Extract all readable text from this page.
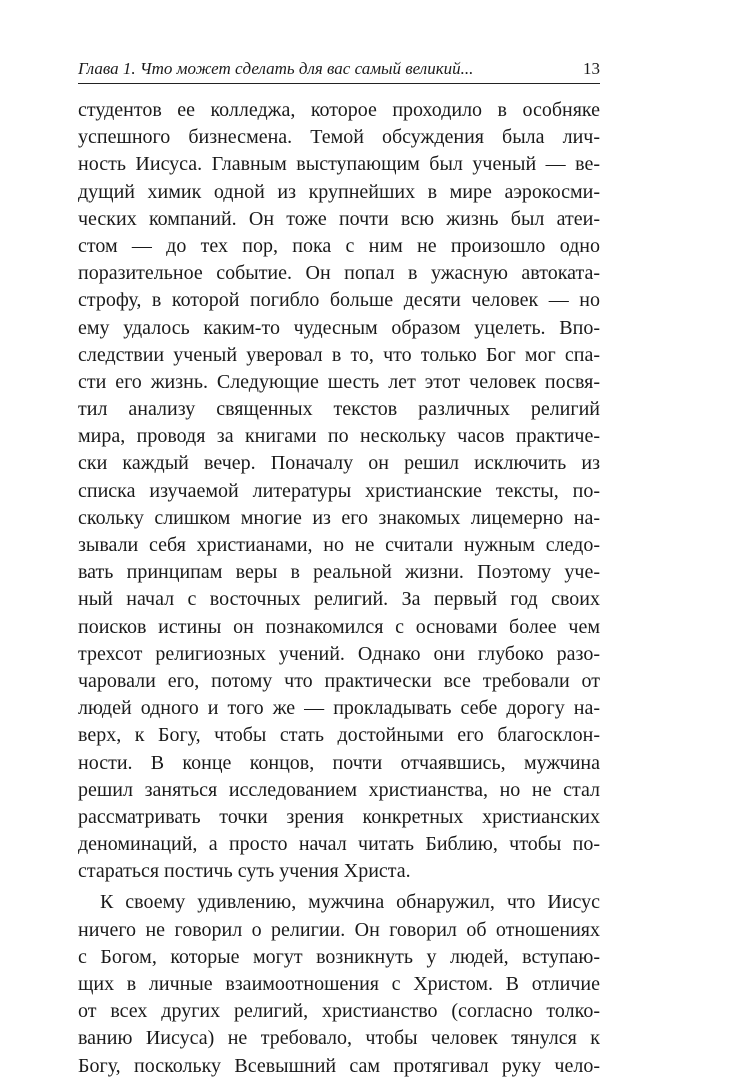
Глава 1. Что может сделать для вас самый великий...	13
студентов ее колледжа, которое проходило в особняке
успешного бизнесмена. Темой обсуждения была лич-
ность Иисуса. Главным выступающим был ученый — ве-
дущий химик одной из крупнейших в мире аэрокосми-
ческих компаний. Он тоже почти всю жизнь был атеи-
стом — до тех пор, пока с ним не произошло одно
поразительное событие. Он попал в ужасную автоката-
строфу, в которой погибло больше десяти человек — но
ему удалось каким-то чудесным образом уцелеть. Впо-
следствии ученый уверовал в то, что только Бог мог спа-
сти его жизнь. Следующие шесть лет этот человек посвя-
тил анализу священных текстов различных религий
мира, проводя за книгами по нескольку часов практиче-
ски каждый вечер. Поначалу он решил исключить из
списка изучаемой литературы христианские тексты, по-
скольку слишком многие из его знакомых лицемерно на-
зывали себя христианами, но не считали нужным следо-
вать принципам веры в реальной жизни. Поэтому уче-
ный начал с восточных религий. За первый год своих
поисков истины он познакомился с основами более чем
трехсот религиозных учений. Однако они глубоко разо-
чаровали его, потому что практически все требовали от
людей одного и того же — прокладывать себе дорогу на-
верх, к Богу, чтобы стать достойными его благосклон-
ности. В конце концов, почти отчаявшись, мужчина
решил заняться исследованием христианства, но не стал
рассматривать точки зрения конкретных христианских
деноминаций, а просто начал читать Библию, чтобы по-
стараться постичь суть учения Христа.
К своему удивлению, мужчина обнаружил, что Иисус
ничего не говорил о религии. Он говорил об отношениях
с Богом, которые могут возникнуть у людей, вступаю-
щих в личные взаимоотношения с Христом. В отличие
от всех других религий, христианство (согласно толко-
ванию Иисуса) не требовало, чтобы человек тянулся к
Богу, поскольку Всевышний сам протягивал руку чело-
